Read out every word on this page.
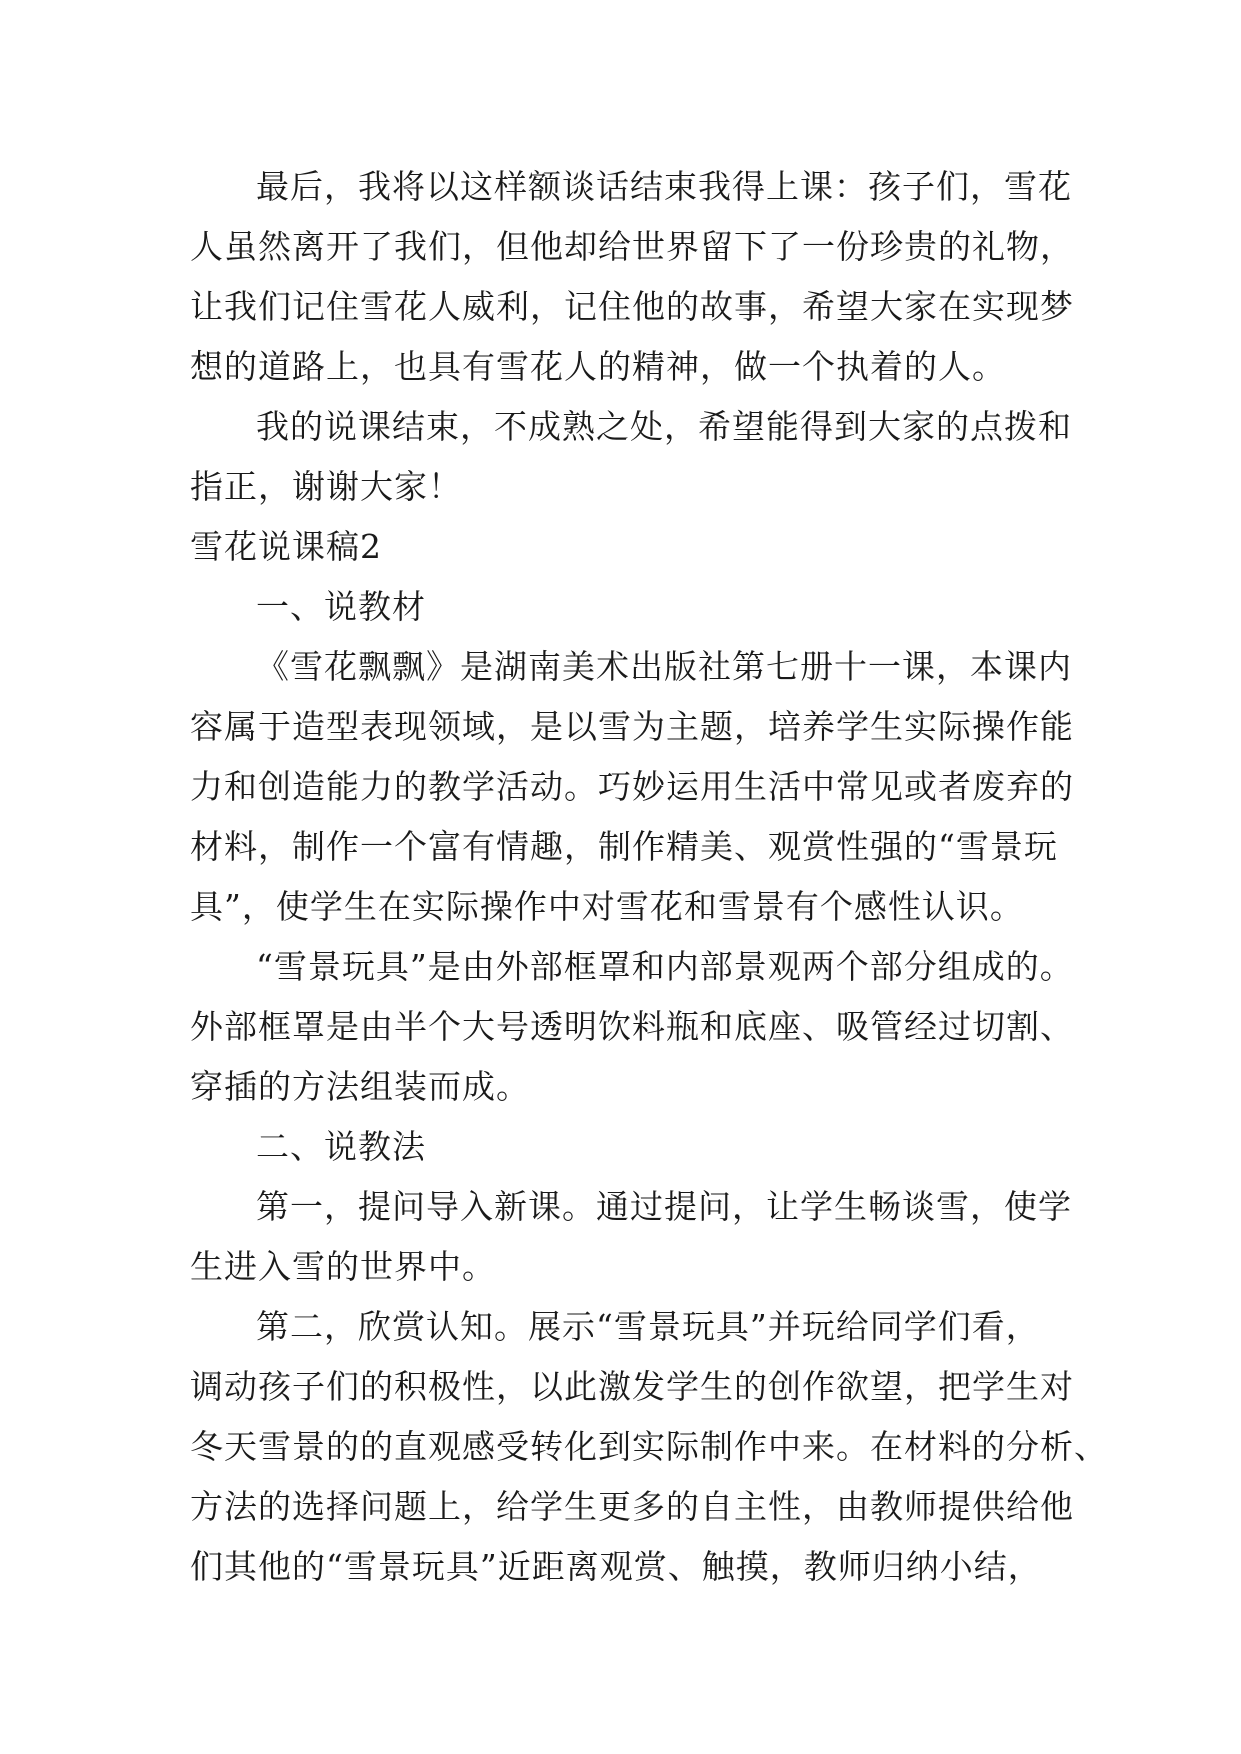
最后，我将以这样额谈话结束我得上课：孩子们，雪花
人虽然离开了我们，但他却给世界留下了一份珍贵的礼物，
让我们记住雪花人威利，记住他的故事，希望大家在实现梦
想的道路上，也具有雪花人的精神，做一个执着的人。
我的说课结束，不成熟之处，希望能得到大家的点拨和
指正，谢谢大家！
雪花说课稿2
一、说教材
《雪花飘飘》是湖南美术出版社第七册十一课，本课内
容属于造型表现领域，是以雪为主题，培养学生实际操作能
力和创造能力的教学活动。巧妙运用生活中常见或者废弃的
材料，制作一个富有情趣，制作精美、观赏性强的“雪景玩
具”，使学生在实际操作中对雪花和雪景有个感性认识。
“雪景玩具”是由外部框罩和内部景观两个部分组成的。
外部框罩是由半个大号透明饮料瓶和底座、吸管经过切割、
穿插的方法组装而成。
二、说教法
第一，提问导入新课。通过提问，让学生畅谈雪，使学
生进入雪的世界中。
第二，欣赏认知。展示“雪景玩具”并玩给同学们看，
调动孩子们的积极性，以此激发学生的创作欲望，把学生对
冬天雪景的的直观感受转化到实际制作中来。在材料的分析、
方法的选择问题上，给学生更多的自主性，由教师提供给他
们其他的“雪景玩具”近距离观赏、触摸，教师归纳小结，
